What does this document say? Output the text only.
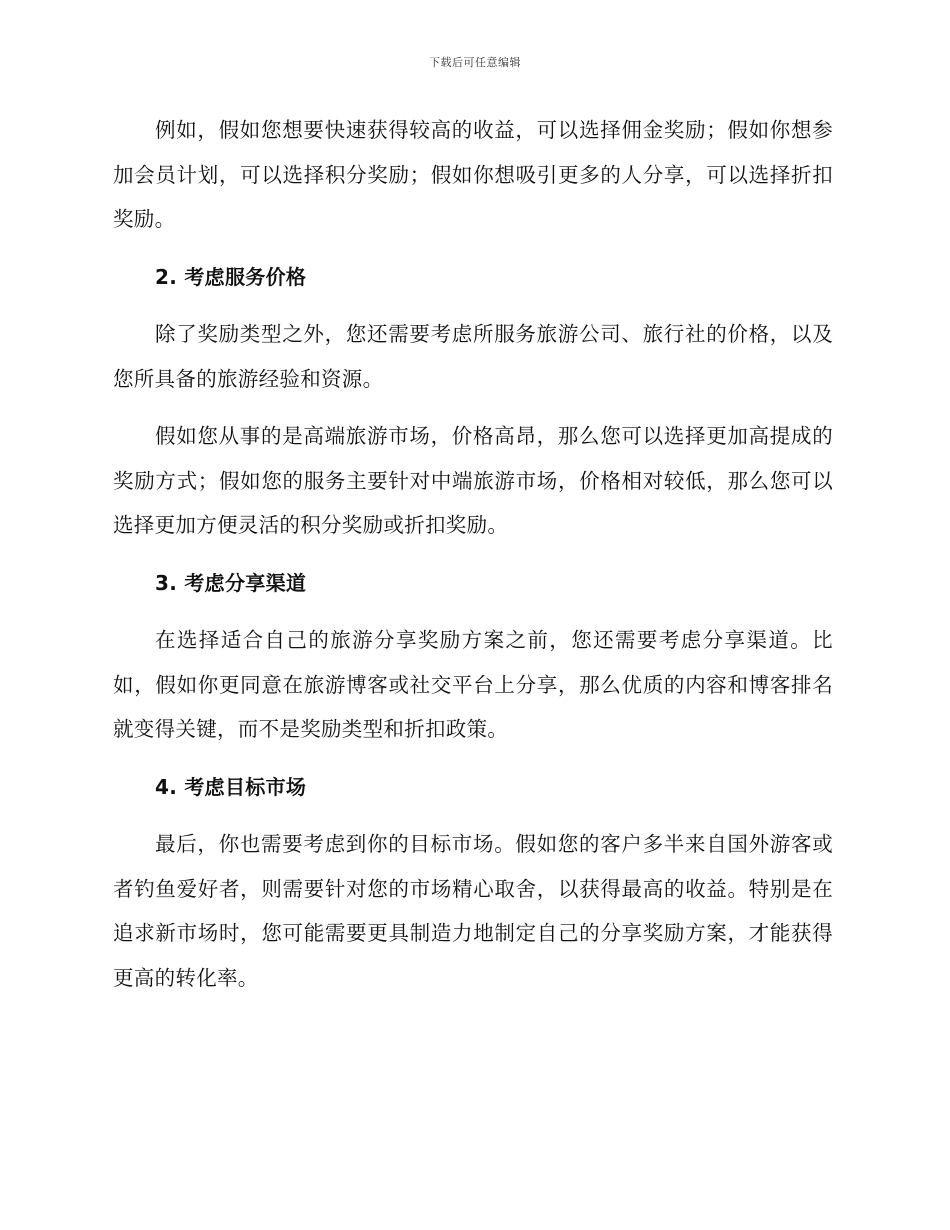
下载后可任意编辑

例如，假如您想要快速获得较高的收益，可以选择佣金奖励；假如你想参加会员计划，可以选择积分奖励；假如你想吸引更多的人分享，可以选择折扣奖励。

2. 考虑服务价格

除了奖励类型之外，您还需要考虑所服务旅游公司、旅行社的价格，以及您所具备的旅游经验和资源。

假如您从事的是高端旅游市场，价格高昂，那么您可以选择更加高提成的奖励方式；假如您的服务主要针对中端旅游市场，价格相对较低，那么您可以选择更加方便灵活的积分奖励或折扣奖励。

3. 考虑分享渠道

在选择适合自己的旅游分享奖励方案之前，您还需要考虑分享渠道。比如，假如你更同意在旅游博客或社交平台上分享，那么优质的内容和博客排名就变得关键，而不是奖励类型和折扣政策。

4. 考虑目标市场

最后，你也需要考虑到你的目标市场。假如您的客户多半来自国外游客或者钓鱼爱好者，则需要针对您的市场精心取舍，以获得最高的收益。特别是在追求新市场时，您可能需要更具制造力地制定自己的分享奖励方案，才能获得更高的转化率。
